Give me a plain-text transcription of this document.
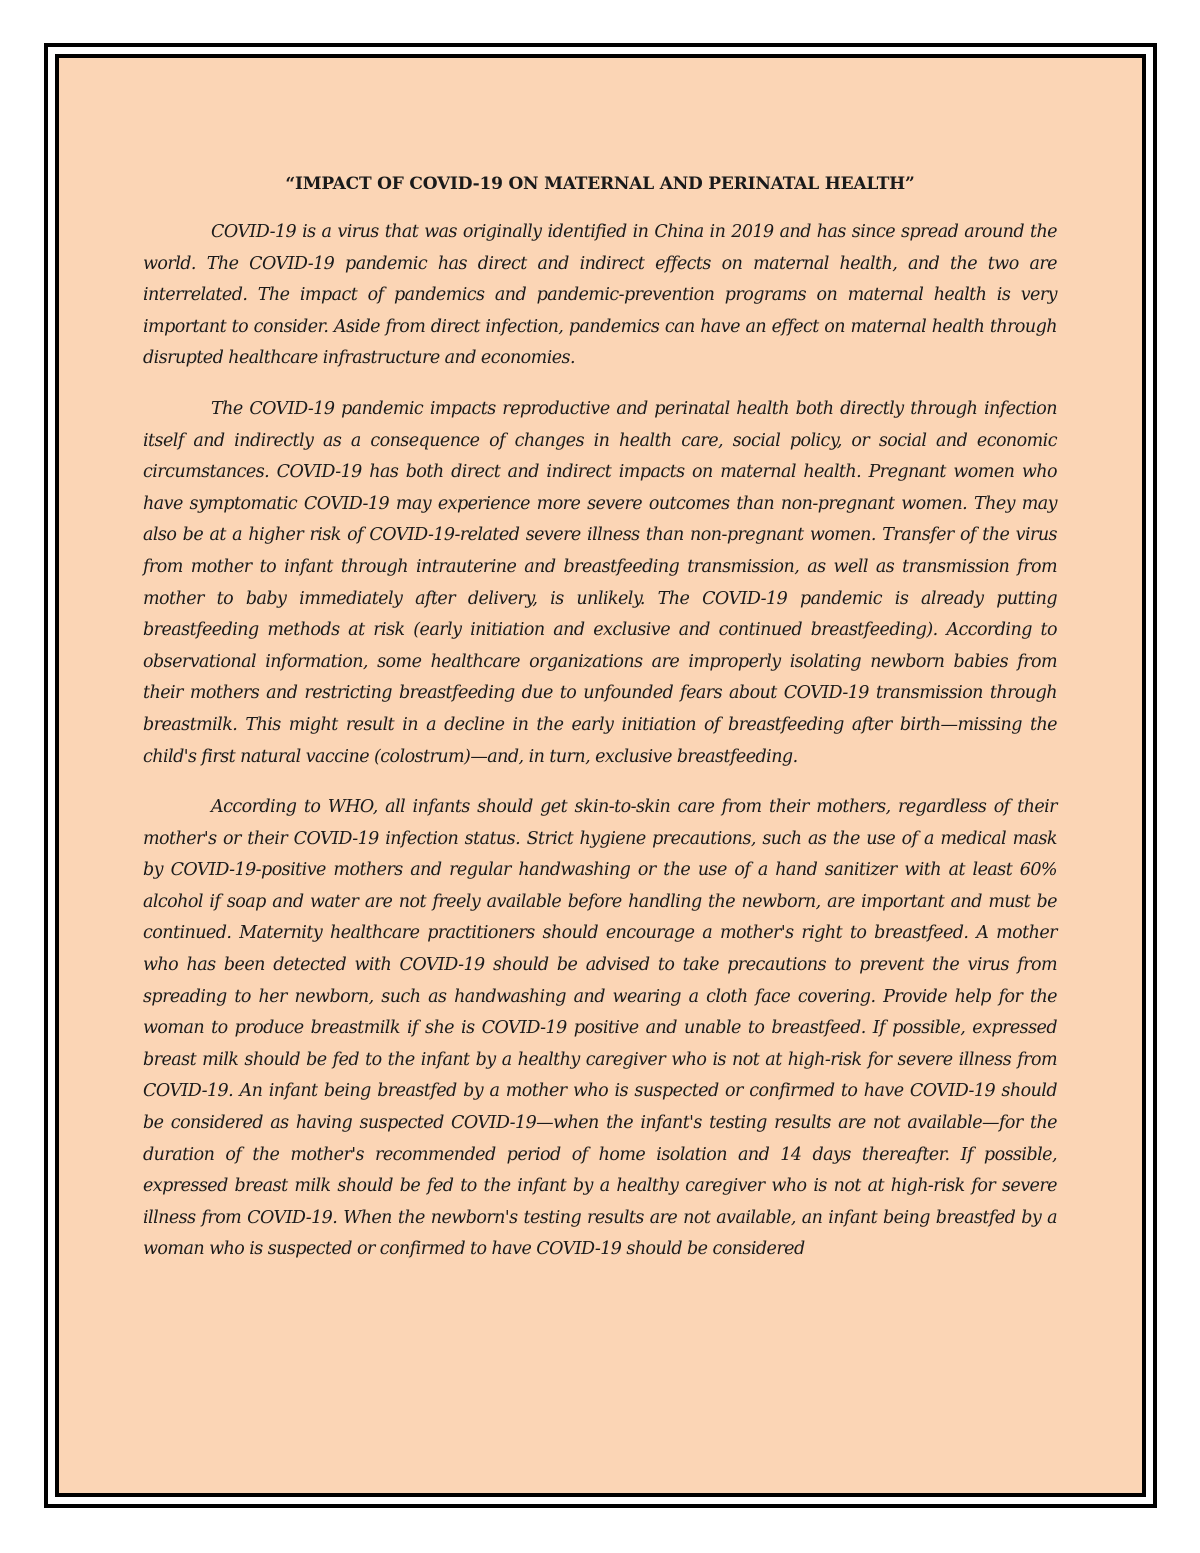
“IMPACT OF COVID-19 ON MATERNAL AND PERINATAL HEALTH”

COVID-19 is a virus that was originally identified in China in 2019 and has since spread around the world. The COVID-19 pandemic has direct and indirect effects on maternal health, and the two are interrelated. The impact of pandemics and pandemic-prevention programs on maternal health is very important to consider. Aside from direct infection, pandemics can have an effect on maternal health through disrupted healthcare infrastructure and economies.

The COVID-19 pandemic impacts reproductive and perinatal health both directly through infection itself and indirectly as a consequence of changes in health care, social policy, or social and economic circumstances. COVID-19 has both direct and indirect impacts on maternal health. Pregnant women who have symptomatic COVID-19 may experience more severe outcomes than non-pregnant women. They may also be at a higher risk of COVID-19-related severe illness than non-pregnant women. Transfer of the virus from mother to infant through intrauterine and breastfeeding transmission, as well as transmission from mother to baby immediately after delivery, is unlikely. The COVID-19 pandemic is already putting breastfeeding methods at risk (early initiation and exclusive and continued breastfeeding). According to observational information, some healthcare organizations are improperly isolating newborn babies from their mothers and restricting breastfeeding due to unfounded fears about COVID-19 transmission through breastmilk. This might result in a decline in the early initiation of breastfeeding after birth—missing the child's first natural vaccine (colostrum)—and, in turn, exclusive breastfeeding.

According to WHO, all infants should get skin-to-skin care from their mothers, regardless of their mother's or their COVID-19 infection status. Strict hygiene precautions, such as the use of a medical mask by COVID-19-positive mothers and regular handwashing or the use of a hand sanitizer with at least 60% alcohol if soap and water are not freely available before handling the newborn, are important and must be continued. Maternity healthcare practitioners should encourage a mother's right to breastfeed. A mother who has been detected with COVID-19 should be advised to take precautions to prevent the virus from spreading to her newborn, such as handwashing and wearing a cloth face covering. Provide help for the woman to produce breastmilk if she is COVID-19 positive and unable to breastfeed. If possible, expressed breast milk should be fed to the infant by a healthy caregiver who is not at high-risk for severe illness from COVID-19. An infant being breastfed by a mother who is suspected or confirmed to have COVID-19 should be considered as having suspected COVID-19—when the infant's testing results are not available—for the duration of the mother's recommended period of home isolation and 14 days thereafter. If possible, expressed breast milk should be fed to the infant by a healthy caregiver who is not at high-risk for severe illness from COVID-19. When the newborn's testing results are not available, an infant being breastfed by a woman who is suspected or confirmed to have COVID-19 should be considered
